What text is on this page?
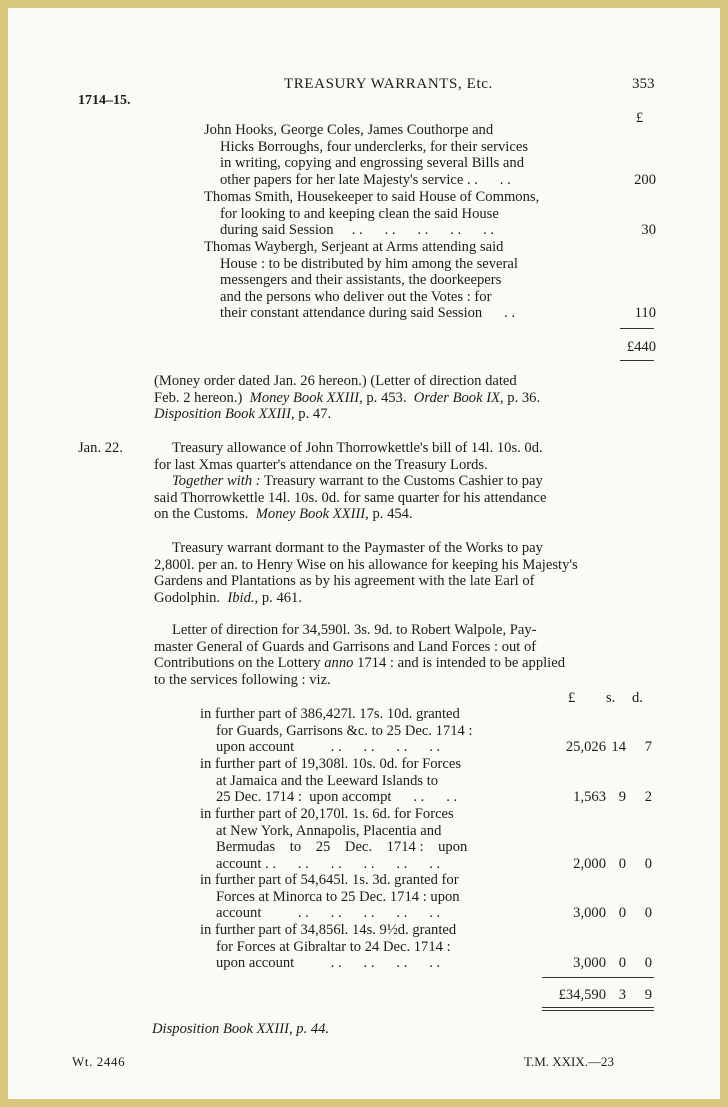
TREASURY WARRANTS, Etc.	353
1714–15.
£
John Hooks, George Coles, James Couthorpe and
Hicks Borroughs, four underclerks, for their services
in writing, copying and engrossing several Bills and
other papers for her late Majesty's service . .      . .	200
Thomas Smith, Housekeeper to said House of Commons,
for looking to and keeping clean the said House
during said Session     . .      . .      . .      . .      . .	30
Thomas Waybergh, Serjeant at Arms attending said
House : to be distributed by him among the several
messengers and their assistants, the doorkeepers
and the persons who deliver out the Votes : for
their constant attendance during said Session      . .	110
£440
(Money order dated Jan. 26 hereon.) (Letter of direction dated
Feb. 2 hereon.)  Money Book XXIII, p. 453.  Order Book IX, p. 36.
Disposition Book XXIII, p. 47.
Jan. 22.	Treasury allowance of John Thorrowkettle's bill of 14l. 10s. 0d.
for last Xmas quarter's attendance on the Treasury Lords.
Together with : Treasury warrant to the Customs Cashier to pay
said Thorrowkettle 14l. 10s. 0d. for same quarter for his attendance
on the Customs.  Money Book XXIII, p. 454.
Treasury warrant dormant to the Paymaster of the Works to pay
2,800l. per an. to Henry Wise on his allowance for keeping his Majesty's
Gardens and Plantations as by his agreement with the late Earl of
Godolphin.  Ibid., p. 461.
Letter of direction for 34,590l. 3s. 9d. to Robert Walpole, Pay-
master General of Guards and Garrisons and Land Forces : out of
Contributions on the Lottery anno 1714 : and is intended to be applied
to the services following : viz.
£ s. d.
in further part of 386,427l. 17s. 10d. granted
for Guards, Garrisons &c. to 25 Dec. 1714 :
upon account          . .      . .      . .      . .	25,026 14	7
in further part of 19,308l. 10s. 0d. for Forces
at Jamaica and the Leeward Islands to
25 Dec. 1714 :  upon accompt      . .      . .	1,563 9	2
in further part of 20,170l. 1s. 6d. for Forces
at New York, Annapolis, Placentia and
Bermudas    to    25    Dec.    1714 :    upon
account . .      . .      . .      . .      . .      . .	2,000 0	0
in further part of 54,645l. 1s. 3d. granted for
Forces at Minorca to 25 Dec. 1714 : upon
account          . .      . .      . .      . .      . .	3,000 0	0
in further part of 34,856l. 14s. 9½d. granted
for Forces at Gibraltar to 24 Dec. 1714 :
upon account          . .      . .      . .      . .	3,000 0	0
£34,590 3	9
Disposition Book XXIII, p. 44.
Wt. 2446	T.M. XXIX.—23
